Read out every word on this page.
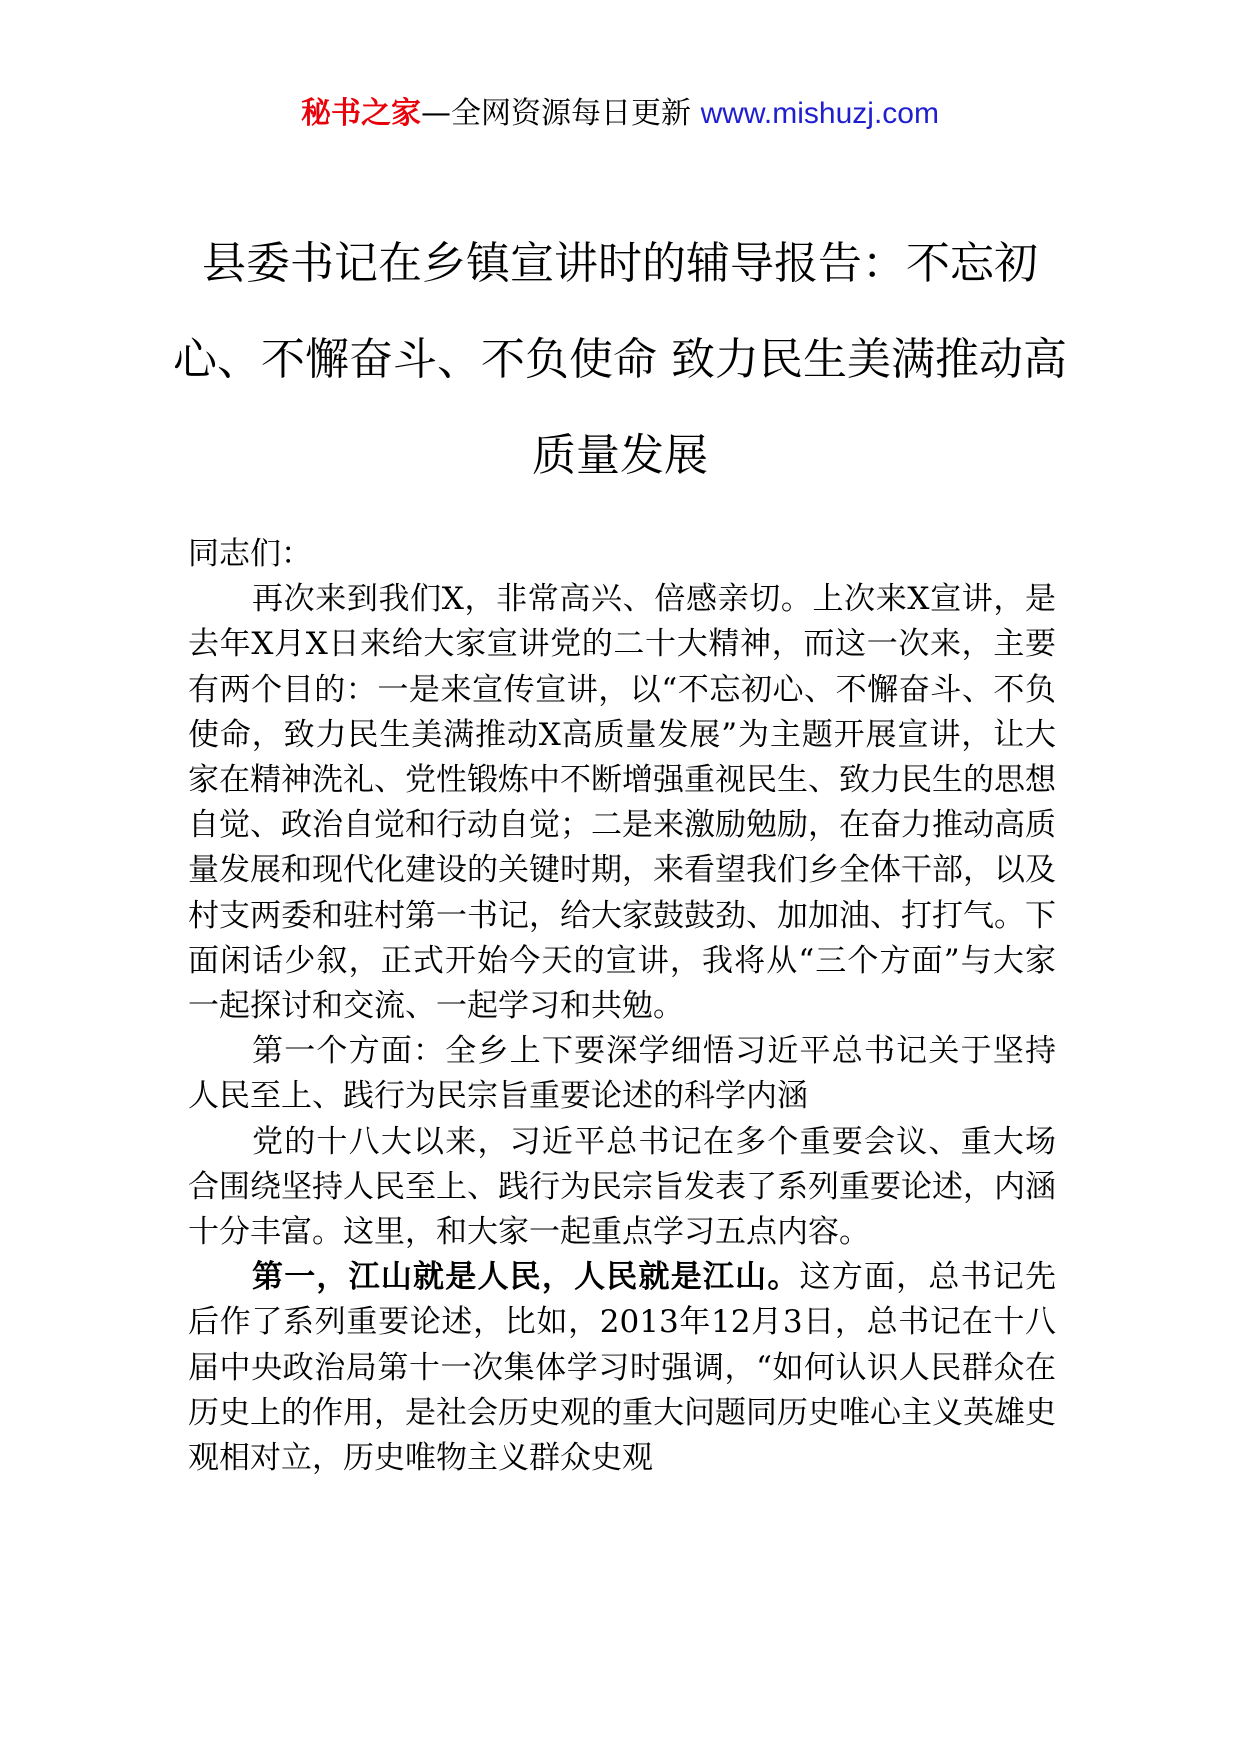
秘书之家—全网资源每日更新 www.mishuzj.com
县委书记在乡镇宣讲时的辅导报告：不忘初心、不懈奋斗、不负使命 致力民生美满推动高质量发展

同志们：

再次来到我们X，非常高兴、倍感亲切。上次来X宣讲，是去年X月X日来给大家宣讲党的二十大精神，而这一次来，主要有两个目的：一是来宣传宣讲，以“不忘初心、不懈奋斗、不负使命，致力民生美满推动X高质量发展”为主题开展宣讲，让大家在精神洗礼、党性锻炼中不断增强重视民生、致力民生的思想自觉、政治自觉和行动自觉；二是来激励勉励，在奋力推动高质量发展和现代化建设的关键时期，来看望我们乡全体干部，以及村支两委和驻村第一书记，给大家鼓鼓劲、加加油、打打气。下面闲话少叙，正式开始今天的宣讲，我将从“三个方面”与大家一起探讨和交流、一起学习和共勉。

第一个方面：全乡上下要深学细悟习近平总书记关于坚持人民至上、践行为民宗旨重要论述的科学内涵

党的十八大以来，习近平总书记在多个重要会议、重大场合围绕坚持人民至上、践行为民宗旨发表了系列重要论述，内涵十分丰富。这里，和大家一起重点学习五点内容。

第一，江山就是人民，人民就是江山。这方面，总书记先后作了系列重要论述，比如，2013年12月3日，总书记在十八届中央政治局第十一次集体学习时强调，“如何认识人民群众在历史上的作用，是社会历史观的重大问题同历史唯心主义英雄史观相对立，历史唯物主义群众史观
